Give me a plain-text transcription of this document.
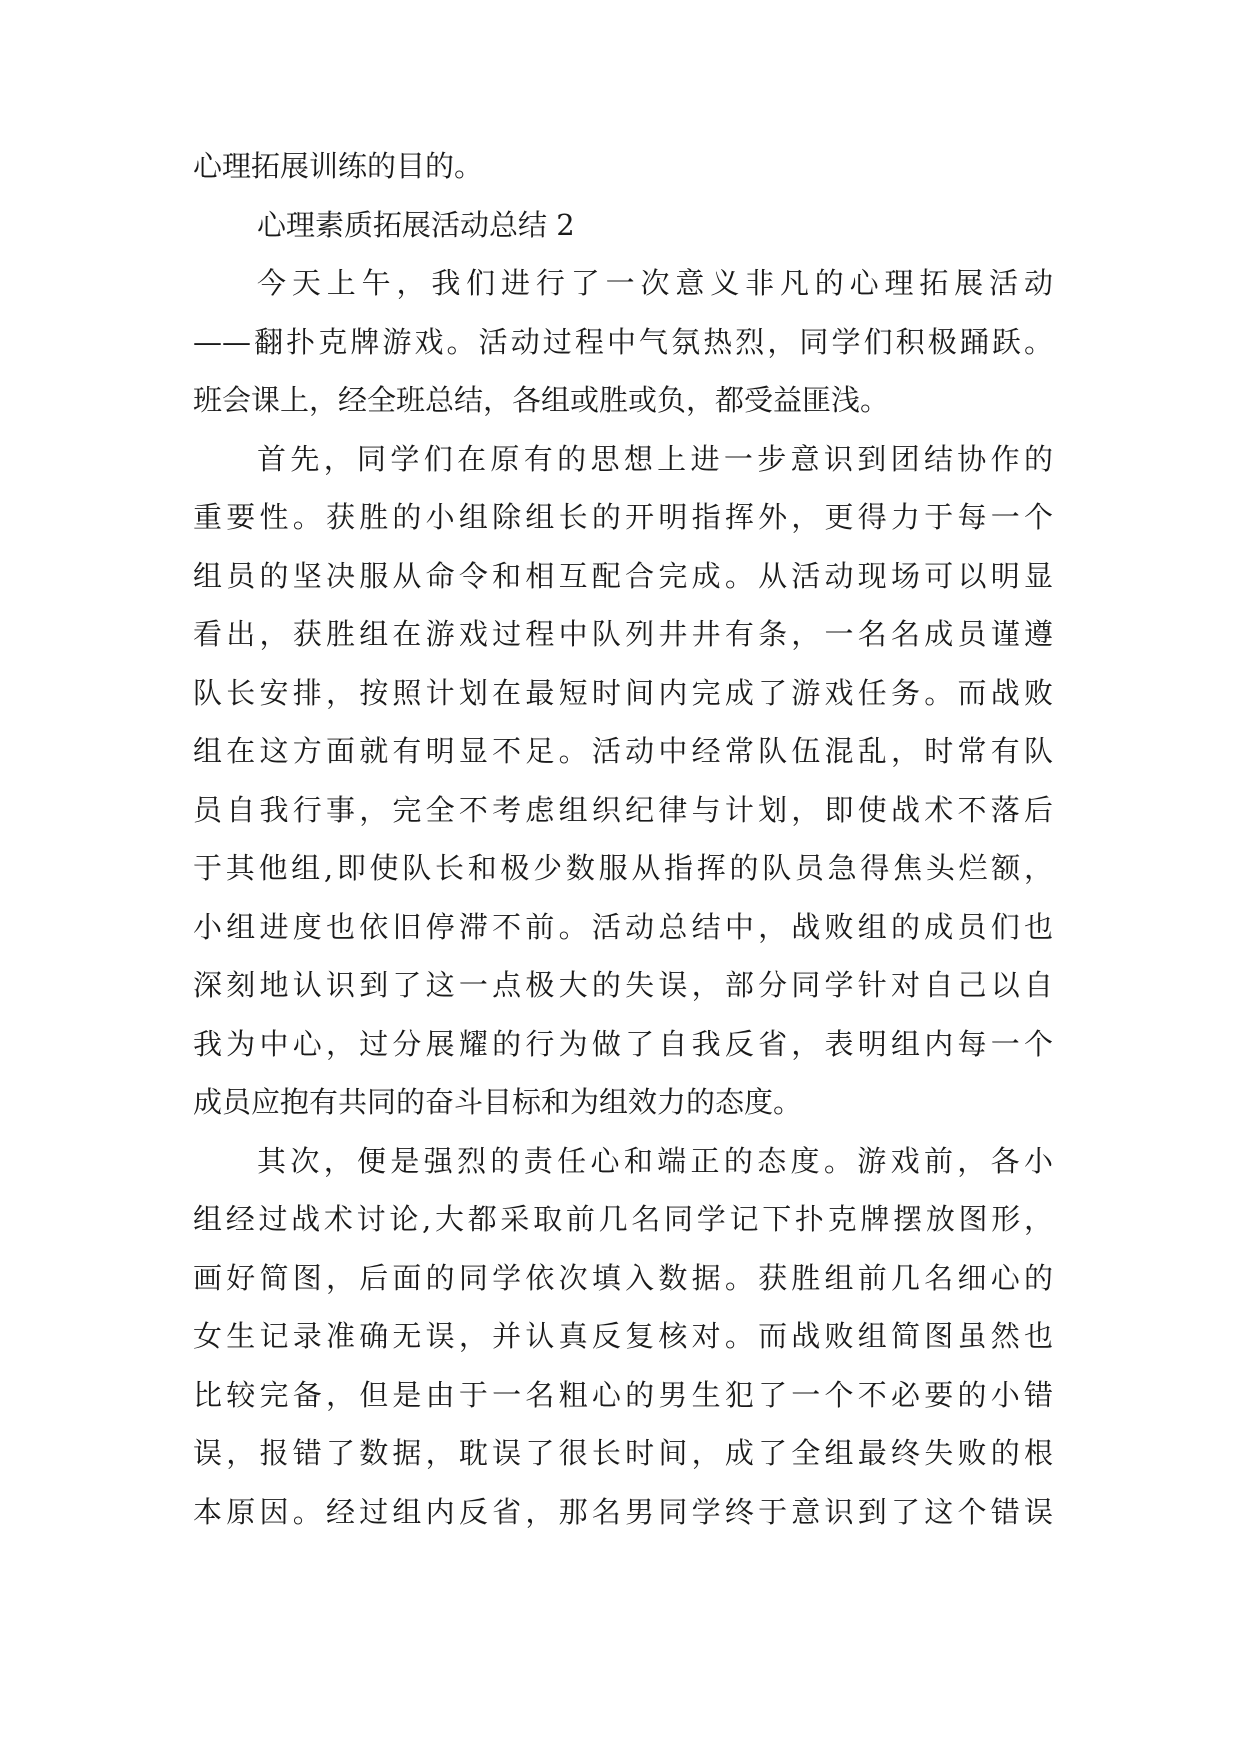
心理拓展训练的目的。
心理素质拓展活动总结 2
今天上午，我们进行了一次意义非凡的心理拓展活动
——翻扑克牌游戏。活动过程中气氛热烈，同学们积极踊跃。
班会课上，经全班总结，各组或胜或负，都受益匪浅。
首先，同学们在原有的思想上进一步意识到团结协作的
重要性。获胜的小组除组长的开明指挥外，更得力于每一个
组员的坚决服从命令和相互配合完成。从活动现场可以明显
看出，获胜组在游戏过程中队列井井有条，一名名成员谨遵
队长安排，按照计划在最短时间内完成了游戏任务。而战败
组在这方面就有明显不足。活动中经常队伍混乱，时常有队
员自我行事，完全不考虑组织纪律与计划，即使战术不落后
于其他组,即使队长和极少数服从指挥的队员急得焦头烂额，
小组进度也依旧停滞不前。活动总结中，战败组的成员们也
深刻地认识到了这一点极大的失误，部分同学针对自己以自
我为中心，过分展耀的行为做了自我反省，表明组内每一个
成员应抱有共同的奋斗目标和为组效力的态度。
其次，便是强烈的责任心和端正的态度。游戏前，各小
组经过战术讨论,大都采取前几名同学记下扑克牌摆放图形，
画好简图，后面的同学依次填入数据。获胜组前几名细心的
女生记录准确无误，并认真反复核对。而战败组简图虽然也
比较完备，但是由于一名粗心的男生犯了一个不必要的小错
误，报错了数据，耽误了很长时间，成了全组最终失败的根
本原因。经过组内反省，那名男同学终于意识到了这个错误
